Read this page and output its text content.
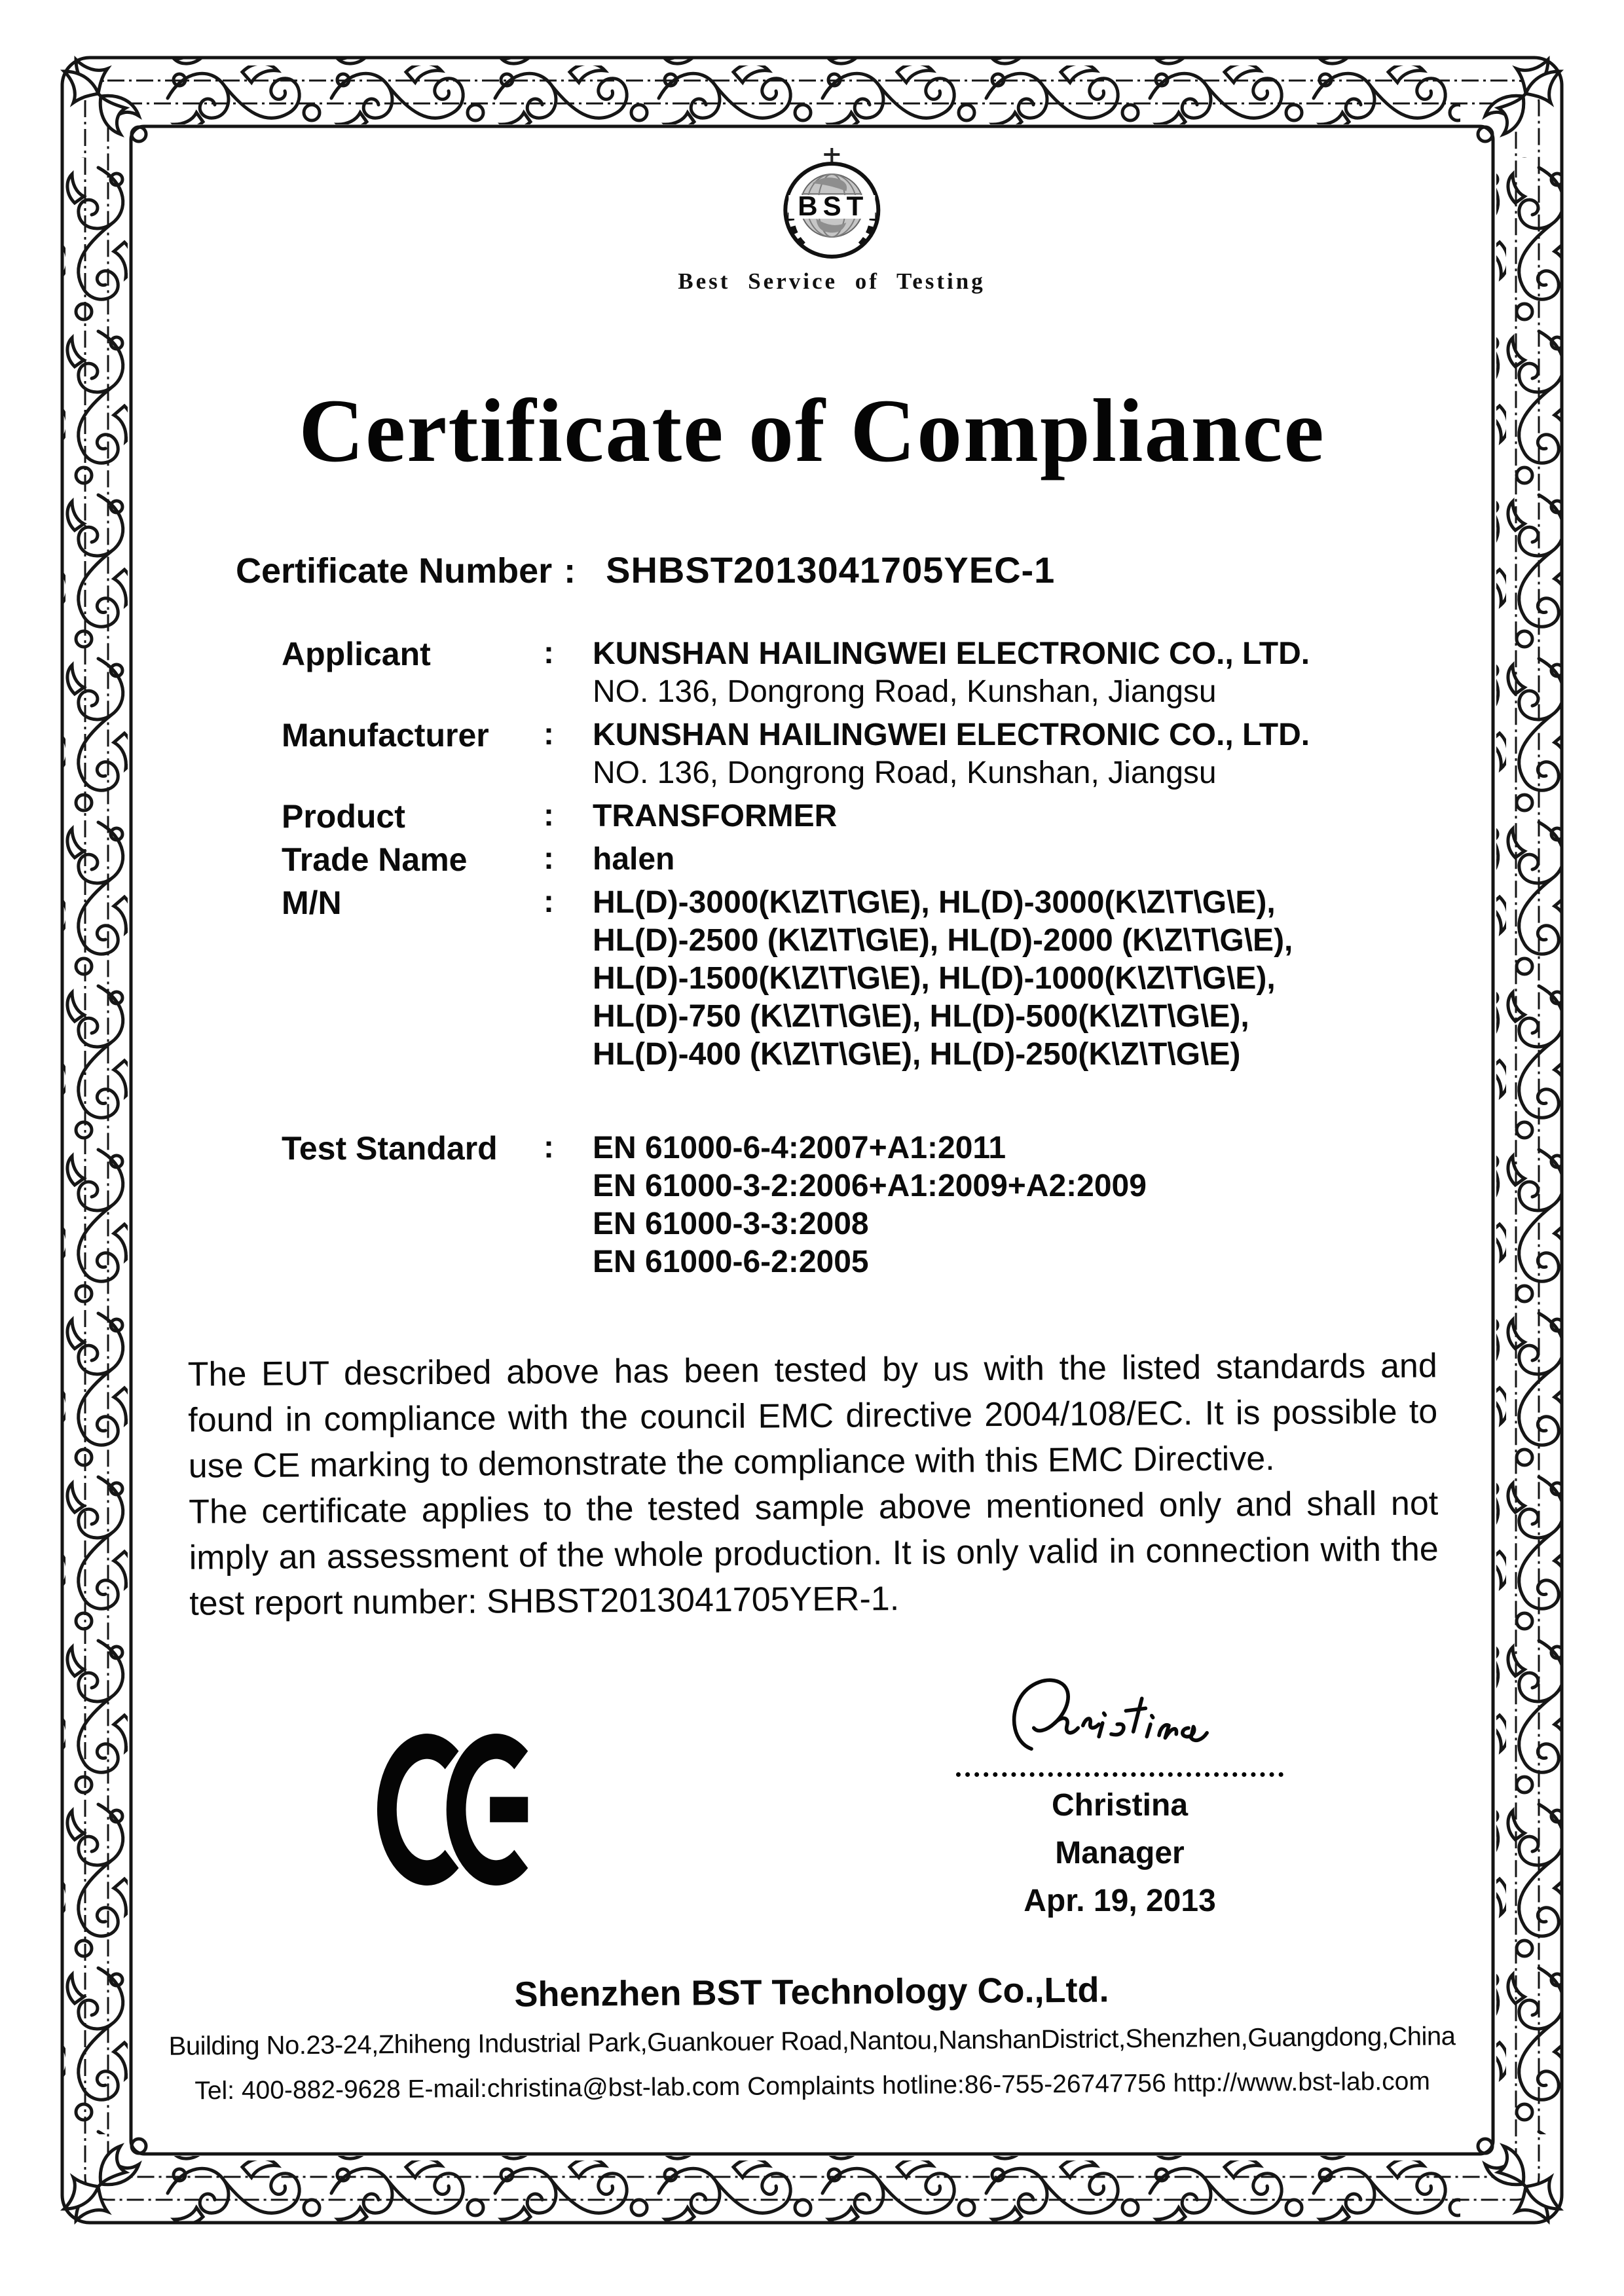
BST
Best Service of Testing
Certificate of Compliance
Certificate Number : SHBST2013041705YEC-1
Applicant	:	KUNSHAN HAILINGWEI ELECTRONIC CO., LTD.
NO. 136, Dongrong Road, Kunshan, Jiangsu
Manufacturer	:	KUNSHAN HAILINGWEI ELECTRONIC CO., LTD.
NO. 136, Dongrong Road, Kunshan, Jiangsu
Product	:	TRANSFORMER
Trade Name	:	halen
M/N	:	HL(D)-3000(K\Z\T\G\E), HL(D)-3000(K\Z\T\G\E),
HL(D)-2500 (K\Z\T\G\E), HL(D)-2000 (K\Z\T\G\E),
HL(D)-1500(K\Z\T\G\E), HL(D)-1000(K\Z\T\G\E),
HL(D)-750 (K\Z\T\G\E), HL(D)-500(K\Z\T\G\E),
HL(D)-400 (K\Z\T\G\E), HL(D)-250(K\Z\T\G\E)
Test Standard	:	EN 61000-6-4:2007+A1:2011
EN 61000-3-2:2006+A1:2009+A2:2009
EN 61000-3-3:2008
EN 61000-6-2:2005

The EUT described above has been tested by us with the listed standards and found in compliance with the council EMC directive 2004/108/EC. It is possible to use CE marking to demonstrate the compliance with this EMC Directive.

The certificate applies to the tested sample above mentioned only and shall not imply an assessment of the whole production. It is only valid in connection with the test report number: SHBST2013041705YER-1.

Christina
Manager
Apr. 19, 2013
Shenzhen BST Technology Co.,Ltd.
Building No.23-24,Zhiheng Industrial Park,Guankouer Road,Nantou,NanshanDistrict,Shenzhen,Guangdong,China
Tel: 400-882-9628 E-mail:christina@bst-lab.com Complaints hotline:86-755-26747756 http://www.bst-lab.com
